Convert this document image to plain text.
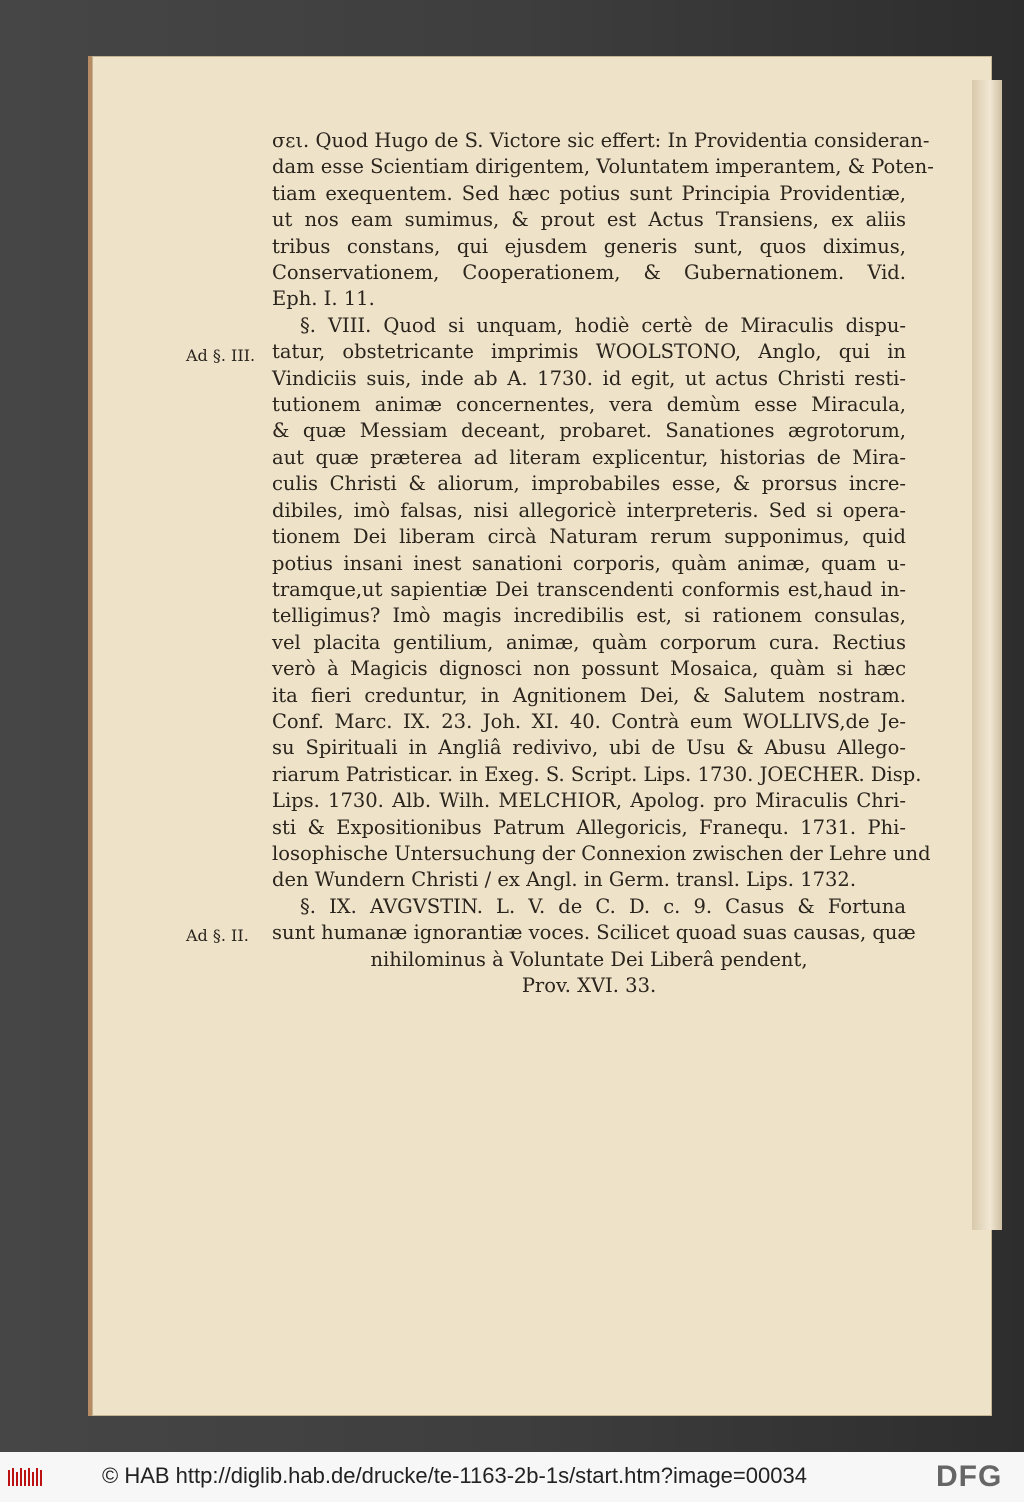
σει. Quod Hugo de S. Victore sic effert: In Providentia consideran-
dam esse Scientiam dirigentem, Voluntatem imperantem, & Poten-
tiam exequentem. Sed hæc potius sunt Principia Providentiæ,
ut nos eam sumimus, & prout est Actus Transiens, ex aliis
tribus constans, qui ejusdem generis sunt, quos diximus,
Conservationem, Cooperationem, & Gubernationem. Vid.
Eph. I. 11.
§. VIII. Quod si unquam, hodiè certè de Miraculis dispu-
tatur, obstetricante imprimis WOOLSTONO, Anglo, qui in
Vindiciis suis, inde ab A. 1730. id egit, ut actus Christi resti-
tutionem animæ concernentes, vera demùm esse Miracula,
& quæ Messiam deceant, probaret. Sanationes ægrotorum,
aut quæ præterea ad literam explicentur, historias de Mira-
culis Christi & aliorum, improbabiles esse, & prorsus incre-
dibiles, imò falsas, nisi allegoricè interpreteris. Sed si opera-
tionem Dei liberam circà Naturam rerum supponimus, quid
potius insani inest sanationi corporis, quàm animæ, quam u-
tramque,ut sapientiæ Dei transcendenti conformis est,haud in-
telligimus? Imò magis incredibilis est, si rationem consulas,
vel placita gentilium, animæ, quàm corporum cura. Rectius
verò à Magicis dignosci non possunt Mosaica, quàm si hæc
ita fieri creduntur, in Agnitionem Dei, & Salutem nostram.
Conf. Marc. IX. 23. Joh. XI. 40. Contrà eum WOLLIVS,de Je-
su Spirituali in Angliâ redivivo, ubi de Usu & Abusu Allego-
riarum Patristicar. in Exeg. S. Script. Lips. 1730. JOECHER. Disp.
Lips. 1730. Alb. Wilh. MELCHIOR, Apolog. pro Miraculis Chri-
sti & Expositionibus Patrum Allegoricis, Franequ. 1731. Phi-
losophische Untersuchung der Connexion zwischen der Lehre und
den Wundern Christi / ex Angl. in Germ. transl. Lips. 1732.
§. IX. AVGVSTIN. L. V. de C. D. c. 9. Casus & Fortuna
sunt humanæ ignorantiæ voces. Scilicet quoad suas causas, quæ
nihilominus à Voluntate Dei Liberâ pendent,
Prov. XVI. 33.
Ad §. III.
Ad §. II.
© HAB http://diglib.hab.de/drucke/te-1163-2b-1s/start.htm?image=00034	DFG
